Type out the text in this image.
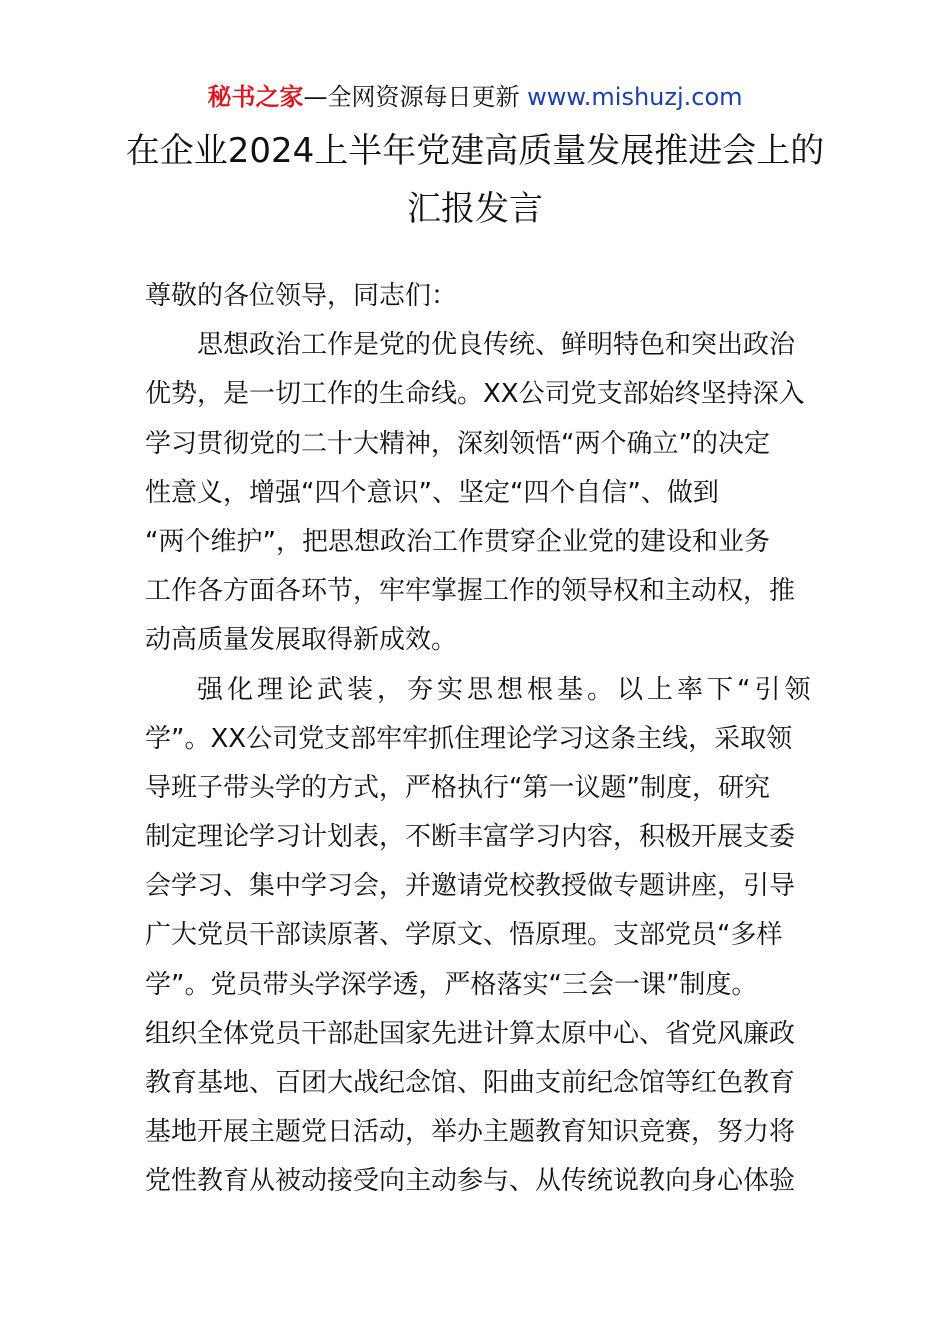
秘书之家—全网资源每日更新 www.mishuzj.com
在企业2024上半年党建高质量发展推进会上的
汇报发言
尊敬的各位领导，同志们：
思想政治工作是党的优良传统、鲜明特色和突出政治
优势，是一切工作的生命线。XX公司党支部始终坚持深入
学习贯彻党的二十大精神，深刻领悟“两个确立”的决定
性意义，增强“四个意识”、坚定“四个自信”、做到
“两个维护”，把思想政治工作贯穿企业党的建设和业务
工作各方面各环节，牢牢掌握工作的领导权和主动权，推
动高质量发展取得新成效。
强化理论武装，夯实思想根基。以上率下“引领
学”。XX公司党支部牢牢抓住理论学习这条主线，采取领
导班子带头学的方式，严格执行“第一议题”制度，研究
制定理论学习计划表，不断丰富学习内容，积极开展支委
会学习、集中学习会，并邀请党校教授做专题讲座，引导
广大党员干部读原著、学原文、悟原理。支部党员“多样
学”。党员带头学深学透，严格落实“三会一课”制度。
组织全体党员干部赴国家先进计算太原中心、省党风廉政
教育基地、百团大战纪念馆、阳曲支前纪念馆等红色教育
基地开展主题党日活动，举办主题教育知识竞赛，努力将
党性教育从被动接受向主动参与、从传统说教向身心体验
